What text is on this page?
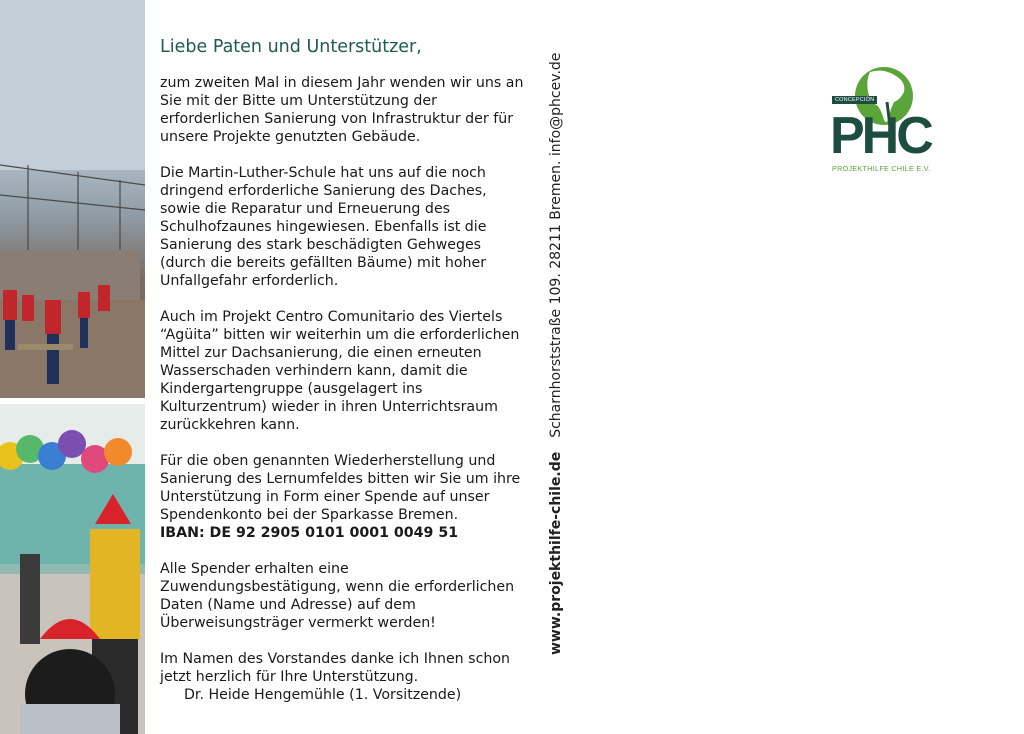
Liebe Paten und Unterstützer,

zum zweiten Mal in diesem Jahr wenden wir uns an Sie mit der Bitte um Unterstützung der erforderlichen Sanierung von Infrastruktur der für unsere Projekte genutzten Gebäude.

Die Martin-Luther-Schule hat uns auf die noch dringend erforderliche Sanierung des Daches, sowie die Reparatur und Erneuerung des Schulhofzaunes hingewiesen. Ebenfalls ist die Sanierung des stark beschädigten Gehweges (durch die bereits gefällten Bäume) mit hoher Unfallgefahr erforderlich.

Auch im Projekt Centro Comunitario des Viertels “Agüita” bitten wir weiterhin um die erforderlichen Mittel zur Dachsanierung, die einen erneuten Wasserschaden verhindern kann, damit die Kindergartengruppe (ausgelagert ins Kulturzentrum) wieder in ihren Unterrichtsraum zurückkehren kann.

Für die oben genannten Wiederherstellung und Sanierung des Lernumfeldes bitten wir Sie um ihre Unterstützung in Form einer Spende auf unser Spendenkonto bei der Sparkasse Bremen.
IBAN: DE 92 2905 0101 0001 0049 51

Alle Spender erhalten eine Zuwendungsbestätigung, wenn die erforderlichen Daten (Name und Adresse) auf dem Überweisungsträger vermerkt werden!

Im Namen des Vorstandes danke ich Ihnen schon jetzt herzlich für Ihre Unterstützung.

Dr. Heide Hengemühle (1. Vorsitzende)

www.projekthilfe-chile.deScharnhorststraße 109. 28211 Bremen. info@phcev.de	CONCEPCIÓN
PHC
PROJEKTHILFE CHILE E.V.
